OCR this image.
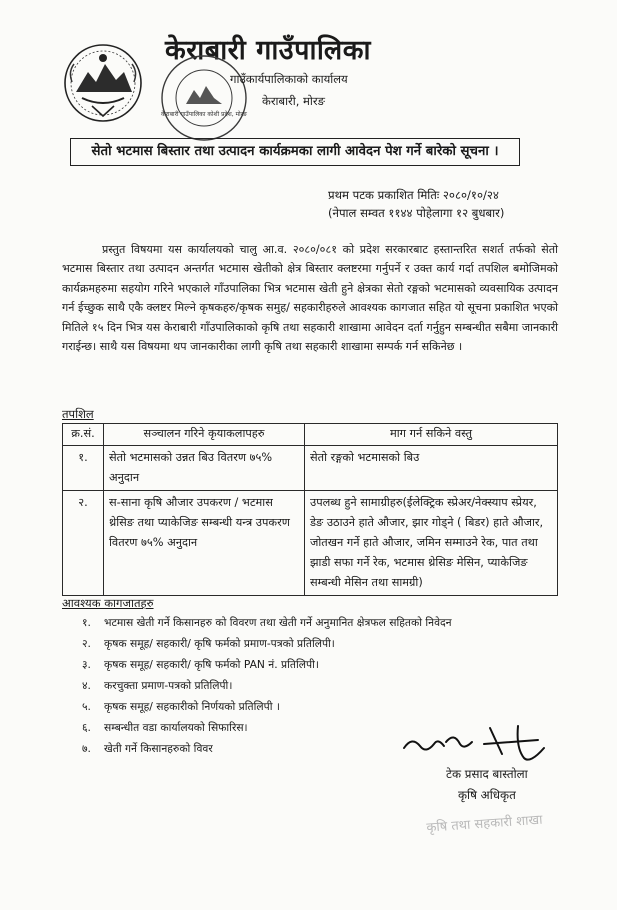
केराबारी गाउँपालिका
केराबारी गाउँपालिका कोशी प्रदेश, मोरङ
गाउँकार्यपालिकाको कार्यालय
केराबारी, मोरङ
सेतो भटमास बिस्तार तथा उत्पादन कार्यक्रमका लागी आवेदन पेश गर्ने बारेको सूचना ।
प्रथम पटक प्रकाशित मितिः २०८०/१०/२४
(नेपाल सम्वत ११४४ पोहेलागा १२ बुधबार)

प्रस्तुत विषयमा यस कार्यालयको चालु आ.व. २०८०/०८१ को प्रदेश सरकारबाट हस्तान्तरित सशर्त तर्फको सेतो भटमास बिस्तार तथा उत्पादन अन्तर्गत भटमास खेतीको क्षेत्र बिस्तार क्लष्टरमा गर्नुपर्ने र उक्त कार्य गर्दा तपशिल बमोजिमको कार्यक्रमहरुमा सहयोग गरिने भएकाले गाँउपालिका भित्र भटमास खेती हुने क्षेत्रका सेतो रङ्गको भटमासको व्यवसायिक उत्पादन गर्न ईच्छुक साथै एकै क्लष्टर मिल्ने कृषकहरु/कृषक समुह/ सहकारीहरुले आवश्यक कागजात सहित यो सूचना प्रकाशित भएको मितिले १५ दिन भित्र यस केराबारी गाँउपालिकाको कृषि तथा सहकारी शाखामा आवेदन दर्ता गर्नुहुन सम्बन्धीत सबैमा जानकारी गराईन्छ। साथै यस विषयमा थप जानकारीका लागी कृषि तथा सहकारी शाखामा सम्पर्क गर्न सकिनेछ ।

तपशिल
क्र.सं.	सञ्चालन गरिने कृयाकलापहरु	माग गर्न सकिने वस्तु
१.	सेतो भटमासको उन्नत बिउ वितरण ७५% अनुदान	सेतो रङ्गको भटमासको बिउ
२.	स-साना कृषि औजार उपकरण / भटमास थ्रेसिङ तथा प्याकेजिङ सम्बन्धी यन्त्र उपकरण वितरण ७५% अनुदान	उपलब्ध हुने सामाग्रीहरु(ईलेक्ट्रिक स्प्रेअर/नेक्स्याप स्प्रेयर, डेङ उठाउने हाते औजार, झार गोड्ने ( बिडर) हाते औजार, जोतखन गर्ने हाते औजार, जमिन सम्माउने रेक, पात तथा झाडी सफा गर्ने रेक, भटमास थ्रेसिङ मेसिन, प्याकेजिङ सम्बन्धी मेसिन तथा सामग्री)
आवश्यक कागजातहरु
१. भटमास खेती गर्ने किसानहरु को विवरण तथा खेती गर्ने अनुमानित क्षेत्रफल सहितको निवेदन
२. कृषक समूह/ सहकारी/ कृषि फर्मको प्रमाण-पत्रको प्रतिलिपी।
३. कृषक समूह/ सहकारी/ कृषि फर्मको PAN नं. प्रतिलिपी।
४. करचुक्ता प्रमाण-पत्रको प्रतिलिपी।
५. कृषक समूह/ सहकारीको निर्णयको प्रतिलिपी ।
६. सम्बन्धीत वडा कार्यालयको सिफारिस।
७. खेती गर्ने किसानहरुको विवर
टेक प्रसाद बास्तोला
कृषि अधिकृत
कृषि तथा सहकारी शाखा
